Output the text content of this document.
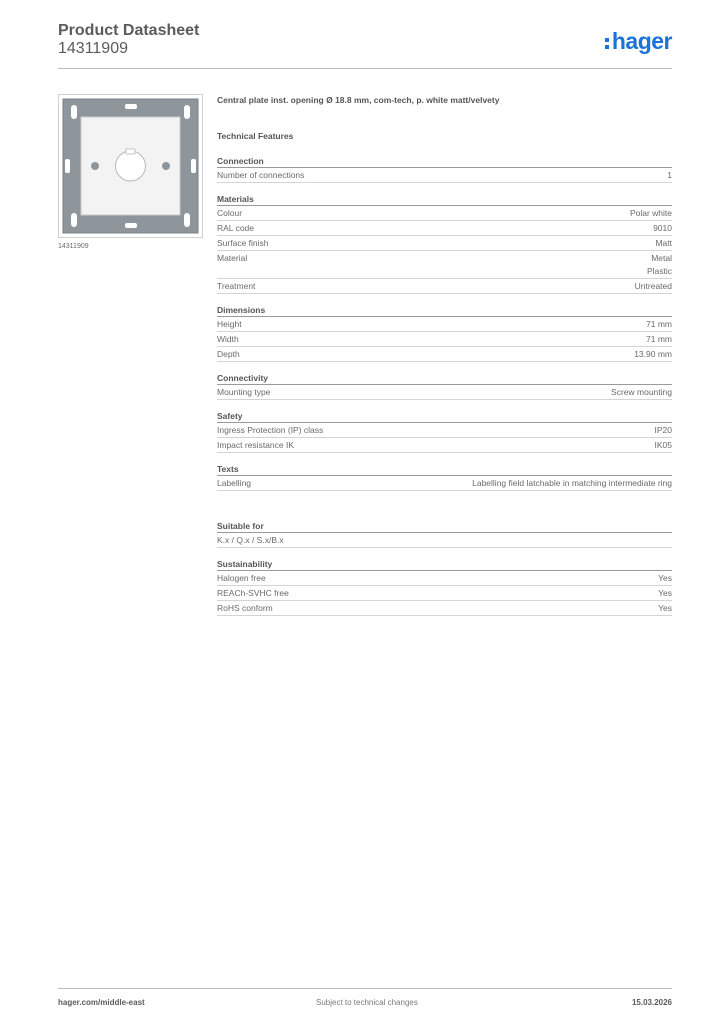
Product Datasheet
14311909	hager
14311909
Central plate inst. opening Ø 18.8 mm, com-tech, p. white matt/velvety
Technical Features
Connection
Number of connections	1
Materials
Colour	Polar white
RAL code	9010
Surface finish	Matt
Material	Metal
Plastic
Treatment	Untreated
Dimensions
Height	71 mm
Width	71 mm
Depth	13.90 mm
Connectivity
Mounting type	Screw mounting
Safety
Ingress Protection (IP) class	IP20
Impact resistance IK	IK05
Texts
Labelling	Labelling field latchable in matching intermediate ring
Suitable for
K.x / Q.x / S.x/B.x
Sustainability
Halogen free	Yes
REACh-SVHC free	Yes
RoHS conform	Yes
hager.com/middle-east	Subject to technical changes	15.03.2026
